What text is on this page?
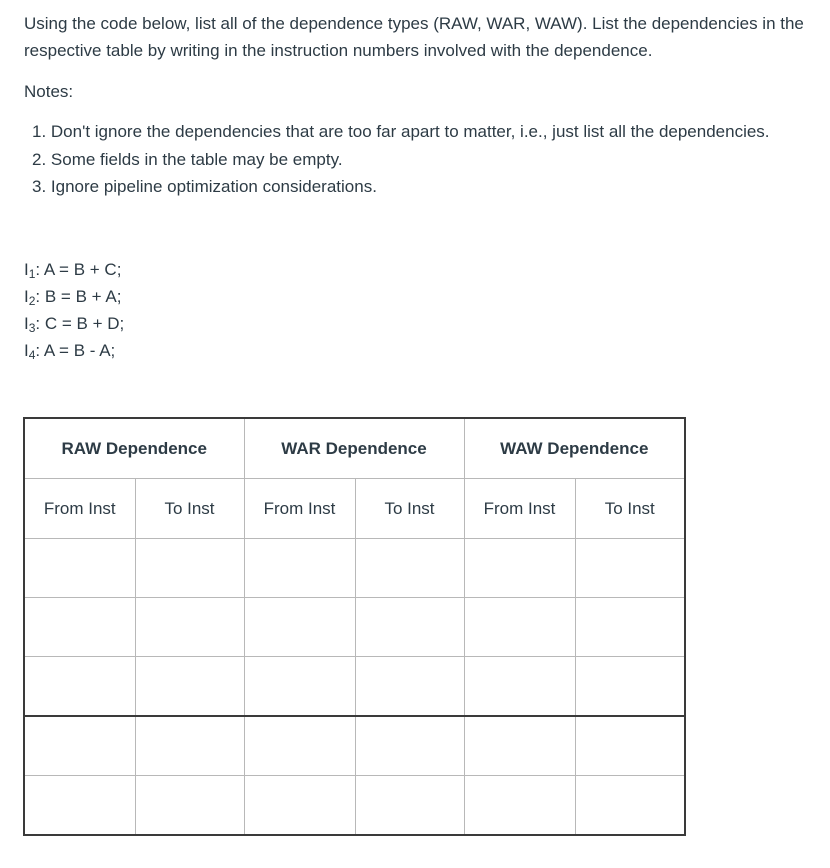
Using the code below, list all of the dependence types (RAW, WAR, WAW). List the dependencies in the respective table by writing in the instruction numbers involved with the dependence.

Notes:

1. Don't ignore the dependencies that are too far apart to matter, i.e., just list all the dependencies.
2. Some fields in the table may be empty.
3. Ignore pipeline optimization considerations.
$I_1$: A = B + C;
$I_2$: B = B + A;
$I_3$: C = B + D;
$I_4$: A = B - A;
RAW Dependence		WAR Dependence		WAW Dependence	
From Inst	To Inst	From Inst	To Inst	From Inst	To Inst
